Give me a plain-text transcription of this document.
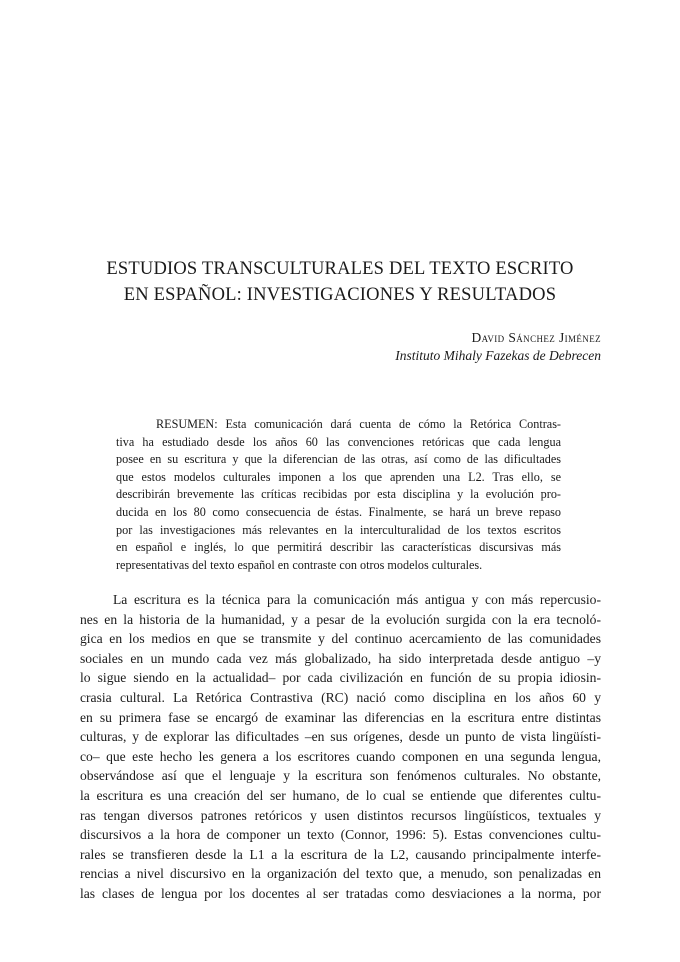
ESTUDIOS TRANSCULTURALES DEL TEXTO ESCRITO
EN ESPAÑOL: INVESTIGACIONES Y RESULTADOS
David Sánchez Jiménez
Instituto Mihaly Fazekas de Debrecen
RESUMEN: Esta comunicación dará cuenta de cómo la Retórica Contras-
tiva ha estudiado desde los años 60 las convenciones retóricas que cada lengua
posee en su escritura y que la diferencian de las otras, así como de las dificultades
que estos modelos culturales imponen a los que aprenden una L2. Tras ello, se
describirán brevemente las críticas recibidas por esta disciplina y la evolución pro-
ducida en los 80 como consecuencia de éstas. Finalmente, se hará un breve repaso
por las investigaciones más relevantes en la interculturalidad de los textos escritos
en español e inglés, lo que permitirá describir las características discursivas más
representativas del texto español en contraste con otros modelos culturales.
La escritura es la técnica para la comunicación más antigua y con más repercusio-
nes en la historia de la humanidad, y a pesar de la evolución surgida con la era tecnoló-
gica en los medios en que se transmite y del continuo acercamiento de las comunidades
sociales en un mundo cada vez más globalizado, ha sido interpretada desde antiguo –y
lo sigue siendo en la actualidad– por cada civilización en función de su propia idiosin-
crasia cultural. La Retórica Contrastiva (RC) nació como disciplina en los años 60 y
en su primera fase se encargó de examinar las diferencias en la escritura entre distintas
culturas, y de explorar las dificultades –en sus orígenes, desde un punto de vista lingüísti-
co– que este hecho les genera a los escritores cuando componen en una segunda lengua,
observándose así que el lenguaje y la escritura son fenómenos culturales. No obstante,
la escritura es una creación del ser humano, de lo cual se entiende que diferentes cultu-
ras tengan diversos patrones retóricos y usen distintos recursos lingüísticos, textuales y
discursivos a la hora de componer un texto (Connor, 1996: 5). Estas convenciones cultu-
rales se transfieren desde la L1 a la escritura de la L2, causando principalmente interfe-
rencias a nivel discursivo en la organización del texto que, a menudo, son penalizadas en
las clases de lengua por los docentes al ser tratadas como desviaciones a la norma, por
